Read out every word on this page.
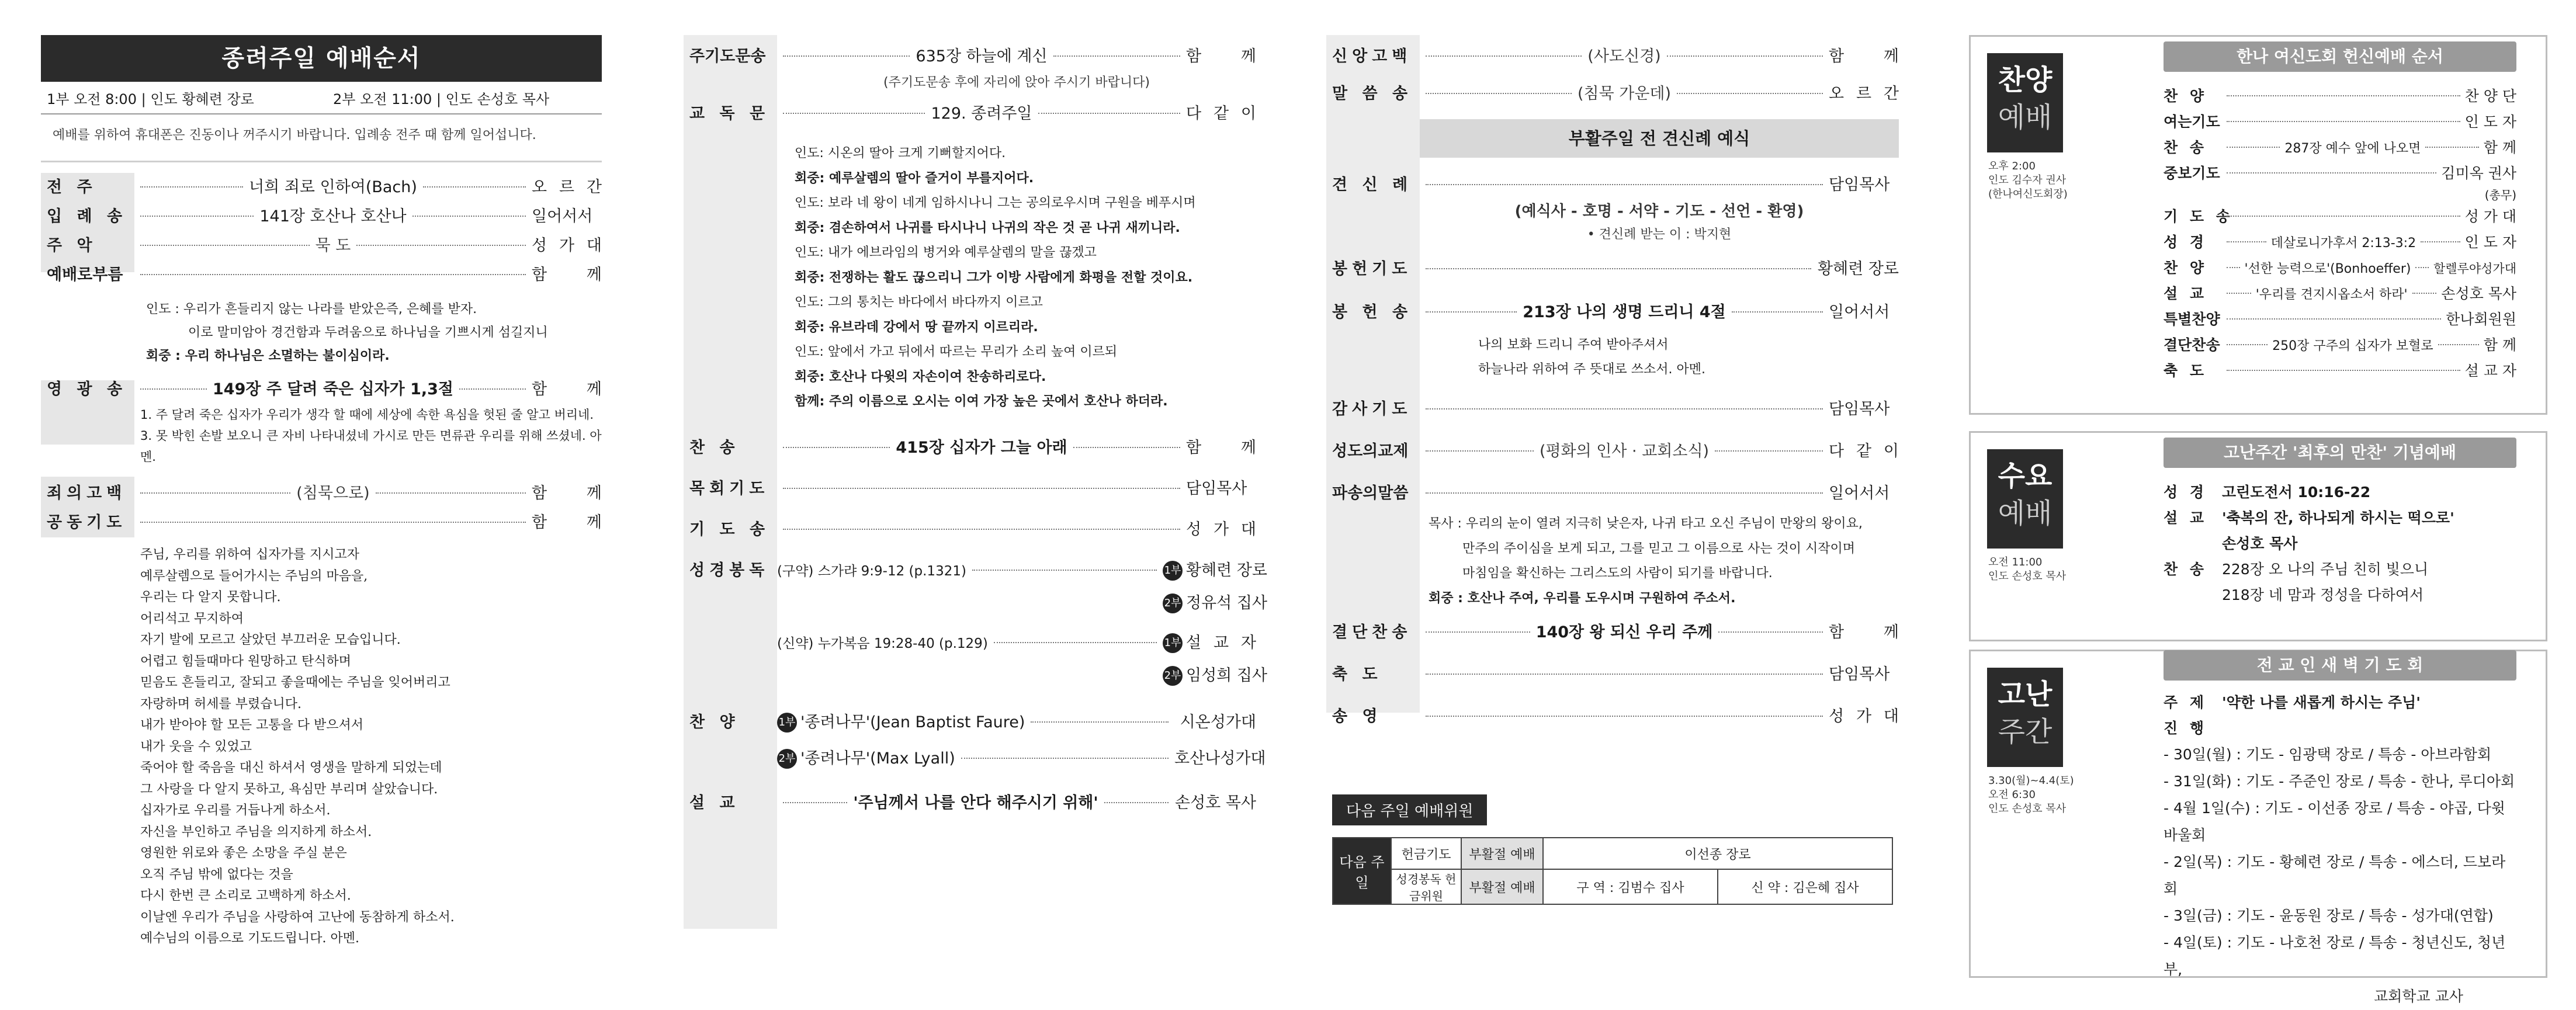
종려주일 예배순서
1부 오전 8:00 | 인도 황혜련 장로	2부 오전 11:00 | 인도 손성호 목사
예배를 위하여 휴대폰은 진동이나 꺼주시기 바랍니다. 입례송 전주 때 함께 일어섭니다.
전 주	너희 죄로 인하여(Bach)	오 르 간
입 례 송	141장 호산나 호산나	일어서서
주 악	묵 도	성 가 대
예배로부름	함 께
인도 : 우리가 흔들리지 않는 나라를 받았은즉, 은혜를 받자.
이로 말미암아 경건함과 두려움으로 하나님을 기쁘시게 섬길지니
회중 : 우리 하나님은 소멸하는 불이심이라.
영 광 송	149장 주 달려 죽은 십자가 1,3절	함 께
1. 주 달려 죽은 십자가 우리가 생각 할 때에 세상에 속한 욕심을 헛된 줄 알고 버리네.
3. 못 박힌 손발 보오니 큰 자비 나타내셨네 가시로 만든 면류관 우리를 위해 쓰셨네. 아멘.
죄의고백	(침묵으로)	함 께
공동기도	함 께
주님, 우리를 위하여 십자가를 지시고자
예루살렘으로 들어가시는 주님의 마음을,
우리는 다 알지 못합니다.
어리석고 무지하여
자기 발에 모르고 살았던 부끄러운 모습입니다.
어렵고 힘들때마다 원망하고 탄식하며
믿음도 흔들리고, 잘되고 좋을때에는 주님을 잊어버리고
자랑하며 허세를 부렸습니다.
내가 받아야 할 모든 고통을 다 받으셔서
내가 웃을 수 있었고
죽어야 할 죽음을 대신 하셔서 영생을 말하게 되었는데
그 사랑을 다 알지 못하고, 욕심만 부리며 살았습니다.
십자가로 우리를 거듭나게 하소서.
자신을 부인하고 주님을 의지하게 하소서.
영원한 위로와 좋은 소망을 주실 분은
오직 주님 밖에 없다는 것을
다시 한번 큰 소리로 고백하게 하소서.
이날엔 우리가 주님을 사랑하여 고난에 동참하게 하소서.
예수님의 이름으로 기도드립니다. 아멘.
주기도문송	635장 하늘에 계신	함 께
(주기도문송 후에 자리에 앉아 주시기 바랍니다)
교 독 문	129. 종려주일	다 같 이
인도: 시온의 딸아 크게 기뻐할지어다.
회중: 예루살렘의 딸아 즐거이 부를지어다.
인도: 보라 네 왕이 네게 임하시나니 그는 공의로우시며 구원을 베푸시며
회중: 겸손하여서 나귀를 타시나니 나귀의 작은 것 곧 나귀 새끼니라.
인도: 내가 에브라임의 병거와 예루살렘의 말을 끊겠고
회중: 전쟁하는 활도 끊으리니 그가 이방 사람에게 화평을 전할 것이요.
인도: 그의 통치는 바다에서 바다까지 이르고
회중: 유브라데 강에서 땅 끝까지 이르리라.
인도: 앞에서 가고 뒤에서 따르는 무리가 소리 높여 이르되
회중: 호산나 다윗의 자손이여 찬송하리로다.
함께: 주의 이름으로 오시는 이여 가장 높은 곳에서 호산나 하더라.
찬 송	415장 십자가 그늘 아래	함 께
목회기도	담임목사
기 도 송	성 가 대
성경봉독 (구약) 스가랴 9:9-12 (p.1321)	1부 황혜련 장로
2부 정유석 집사
(신약) 누가복음 19:28-40 (p.129)	1부 설 교 자
2부 임성희 집사
찬 양	1부 '종려나무'(Jean Baptist Faure)	시온성가대
2부 '종려나무'(Max Lyall)	호산나성가대
설 교	'주님께서 나를 안다 해주시기 위해'	손성호 목사
신앙고백	(사도신경)	함 께
말 씀 송	(침묵 가운데)	오 르 간
부활주일 전 견신례 예식
견 신 례	담임목사
(예식사 - 호명 - 서약 - 기도 - 선언 - 환영)
• 견신례 받는 이 : 박지현
봉헌기도	황혜련 장로
봉 헌 송	213장 나의 생명 드리니 4절	일어서서
나의 보화 드리니 주여 받아주셔서
하늘나라 위하여 주 뜻대로 쓰소서. 아멘.
감사기도	담임목사
성도의교제	(평화의 인사 · 교회소식)	다 같 이
파송의말씀	일어서서
목사 : 우리의 눈이 열려 지극히 낮은자, 나귀 타고 오신 주님이 만왕의 왕이요,
만주의 주이심을 보게 되고, 그를 믿고 그 이름으로 사는 것이 시작이며
마침임을 확신하는 그리스도의 사람이 되기를 바랍니다.
회중 : 호산나 주여, 우리를 도우시며 구원하여 주소서.
결단찬송	140장 왕 되신 우리 주께	함 께
축 도	담임목사
송 영	성 가 대
다음 주일 예배위원
다음 주일	헌금기도	부활절 예배	이선종 장로	
	성경봉독 헌금위원	부활절 예배	구 역 : 김범수 집사	신 약 : 김은혜 집사
찬양
예배
오후 2:00
인도 김수자 권사
(한나여신도회장)
한나 여신도회 헌신예배 순서
찬 양	찬 양 단
여는기도	인 도 자
찬 송	287장 예수 앞에 나오면	함 께
중보기도	김미옥 권사
(총무)
기 도 송	성 가 대
성 경	데살로니가후서 2:13-3:2	인 도 자
찬 양	'선한 능력으로'(Bonhoeffer) 할렐루야성가대
설 교	'우리를 견지시옵소서 하라' 손성호 목사
특별찬양	한나회원원
결단찬송	250장 구주의 십자가 보혈로	함 께
축 도	설 교 자
수요
예배
오전 11:00
인도 손성호 목사
고난주간 '최후의 만찬' 기념예배
성 경 고린도전서 10:16-22
설 교 '축복의 잔, 하나되게 하시는 떡으로'
손성호 목사
찬 송 228장 오 나의 주님 친히 빛으니
218장 네 맘과 정성을 다하여서
고난
주간
3.30(월)~4.4(토)
오전 6:30
인도 손성호 목사
전 교 인 새 벽 기 도 회
주 제 '약한 나를 새롭게 하시는 주님'
진 행
- 30일(월) : 기도 - 임광택 장로 / 특송 - 아브라함회
- 31일(화) : 기도 - 주준인 장로 / 특송 - 한나, 루디아회
- 4월 1일(수) : 기도 - 이선종 장로 / 특송 - 야곱, 다윗바울회
- 2일(목) : 기도 - 황혜련 장로 / 특송 - 에스더, 드보라회
- 3일(금) : 기도 - 윤동원 장로 / 특송 - 성가대(연합)
- 4일(토) : 기도 - 나호천 장로 / 특송 - 청년신도, 청년부,
교회학교 교사
